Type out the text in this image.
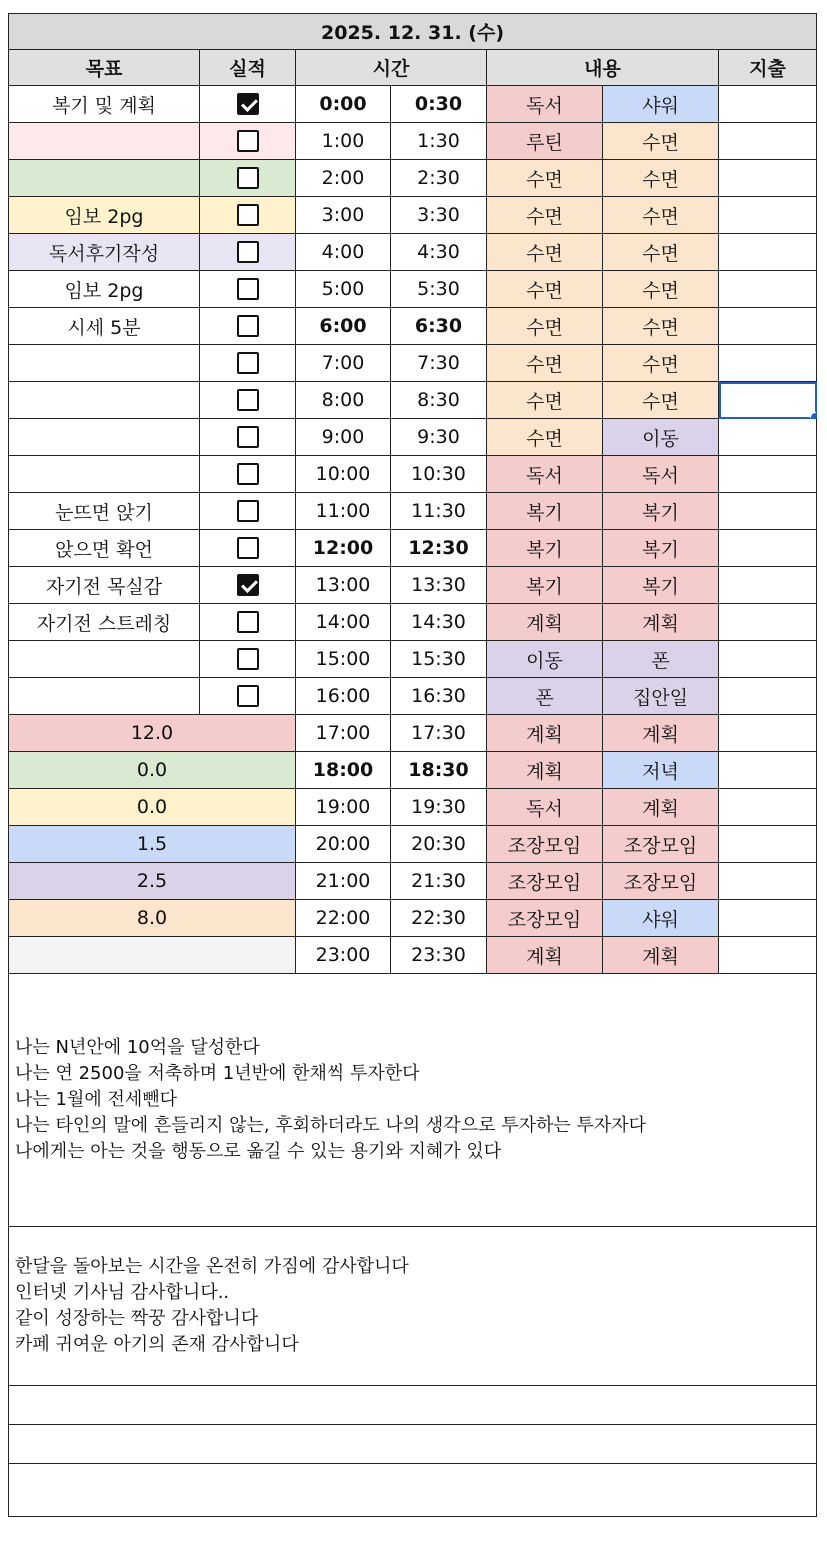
2025. 12. 31. (수)						
목표	실적	시간		내용		지출
복기 및 계획		0:00	0:30	독서	샤워	
		1:00	1:30	루틴	수면	
		2:00	2:30	수면	수면	
임보 2pg		3:00	3:30	수면	수면	
독서후기작성		4:00	4:30	수면	수면	
임보 2pg		5:00	5:30	수면	수면	
시세 5분		6:00	6:30	수면	수면	
		7:00	7:30	수면	수면	
		8:00	8:30	수면	수면	

		9:00	9:30	수면	이동	
		10:00	10:30	독서	독서	
눈뜨면 앉기		11:00	11:30	복기	복기	
앉으면 확언		12:00	12:30	복기	복기	
자기전 목실감		13:00	13:30	복기	복기	
자기전 스트레칭		14:00	14:30	계획	계획	
		15:00	15:30	이동	폰	
		16:00	16:30	폰	집안일	
12.0		17:00	17:30	계획	계획	
0.0		18:00	18:30	계획	저녁	
0.0		19:00	19:30	독서	계획	
1.5		20:00	20:30	조장모임	조장모임	
2.5		21:00	21:30	조장모임	조장모임	
8.0		22:00	22:30	조장모임	샤워	
		23:00	23:30	계획	계획	

나는 N년안에 10억을 달성한다
나는 연 2500을 저축하며 1년반에 한채씩 투자한다
나는 1월에 전세뺀다
나는 타인의 말에 흔들리지 않는, 후회하더라도 나의 생각으로 투자하는 투자자다
나에게는 아는 것을 행동으로 옮길 수 있는 용기와 지혜가 있다						

한달을 돌아보는 시간을 온전히 가짐에 감사합니다
인터넷 기사님 감사합니다..
같이 성장하는 짝꿍 감사합니다
카페 귀여운 아기의 존재 감사합니다						
